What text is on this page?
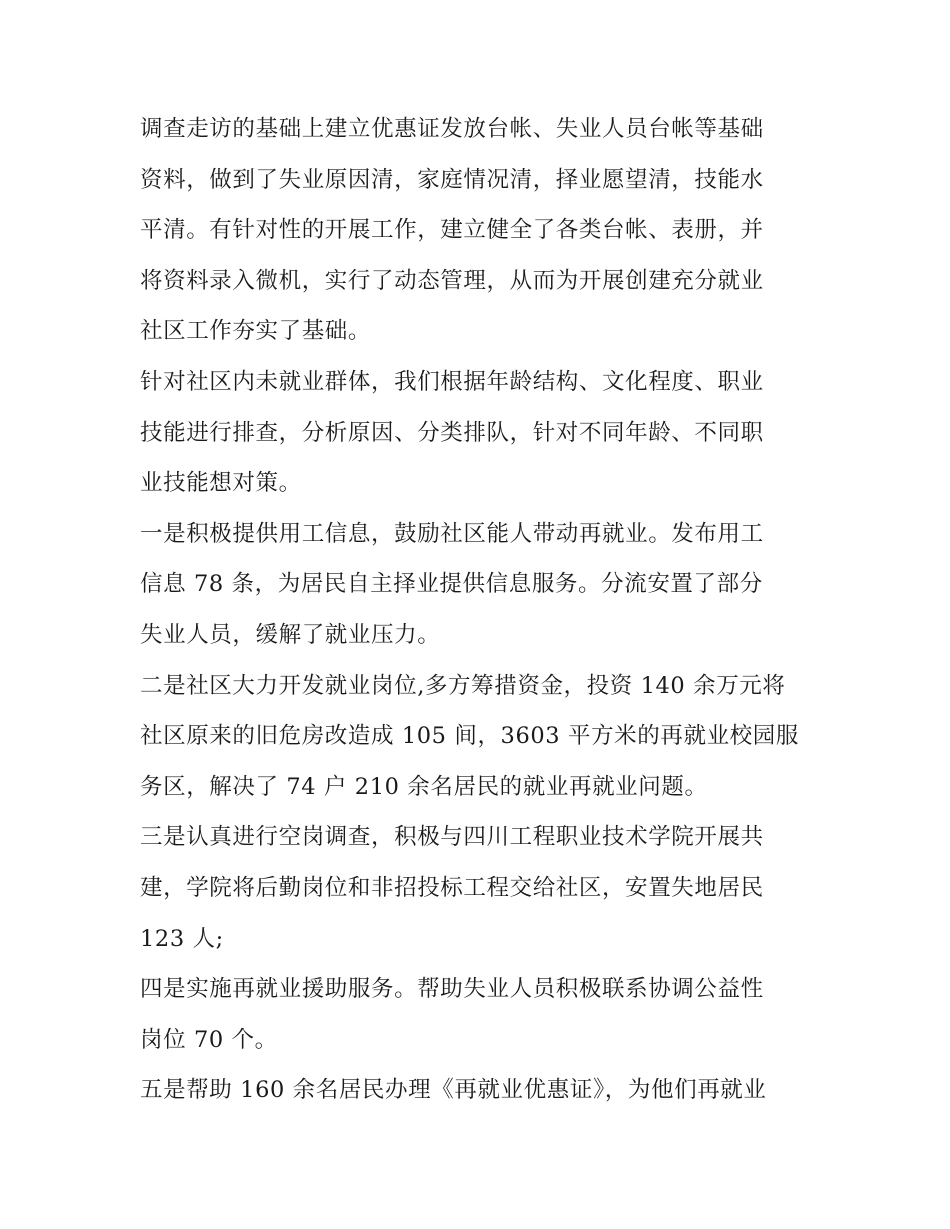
调查走访的基础上建立优惠证发放台帐、失业人员台帐等基础
资料，做到了失业原因清，家庭情况清，择业愿望清，技能水
平清。有针对性的开展工作，建立健全了各类台帐、表册，并
将资料录入微机，实行了动态管理，从而为开展创建充分就业
社区工作夯实了基础。
针对社区内未就业群体，我们根据年龄结构、文化程度、职业
技能进行排查，分析原因、分类排队，针对不同年龄、不同职
业技能想对策。
一是积极提供用工信息，鼓励社区能人带动再就业。发布用工
信息 78 条，为居民自主择业提供信息服务。分流安置了部分
失业人员，缓解了就业压力。
二是社区大力开发就业岗位,多方筹措资金，投资 140 余万元将
社区原来的旧危房改造成 105 间，3603 平方米的再就业校园服
务区，解决了 74 户 210 余名居民的就业再就业问题。
三是认真进行空岗调查，积极与四川工程职业技术学院开展共
建，学院将后勤岗位和非招投标工程交给社区，安置失地居民
123 人;
四是实施再就业援助服务。帮助失业人员积极联系协调公益性
岗位 70 个。
五是帮助 160 余名居民办理《再就业优惠证》，为他们再就业
